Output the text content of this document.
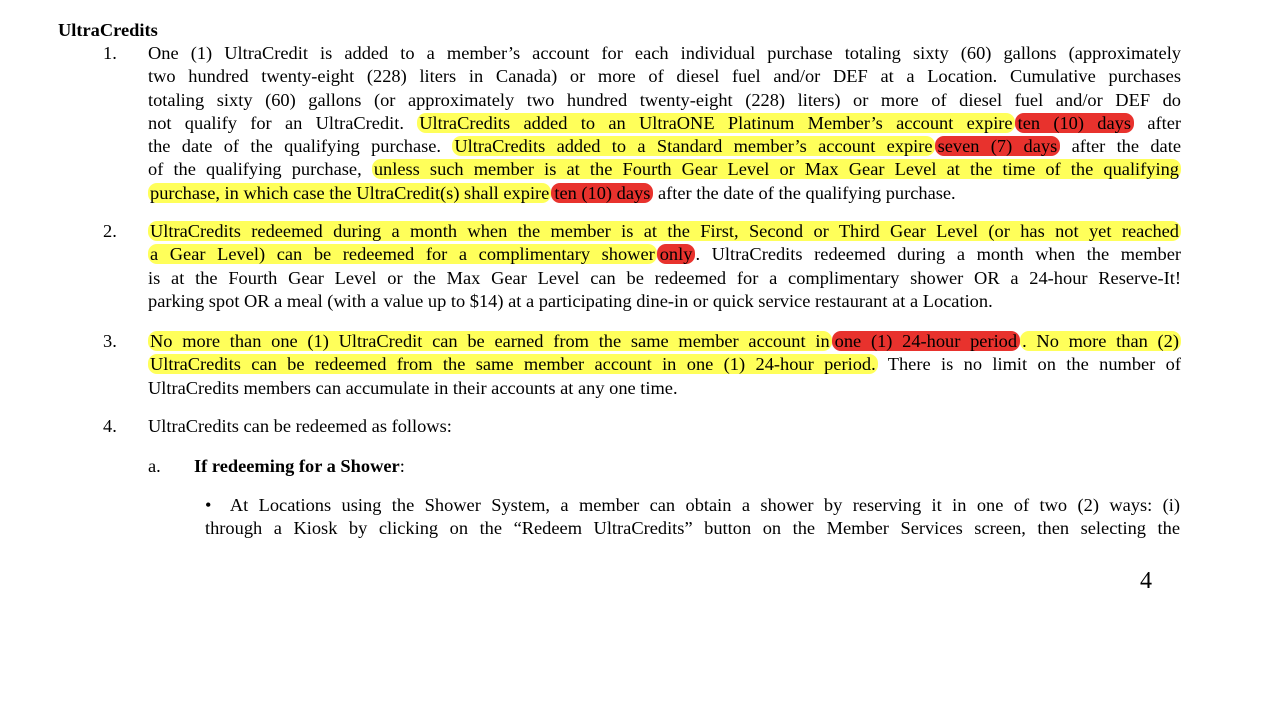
UltraCredits
1. One (1) UltraCredit is added to a member’s account for each individual purchase totaling sixty (60) gallons (approximately
two hundred twenty-eight (228) liters in Canada) or more of diesel fuel and/or DEF at a Location. Cumulative purchases
totaling sixty (60) gallons (or approximately two hundred twenty-eight (228) liters) or more of diesel fuel and/or DEF do
not qualify for an UltraCredit. UltraCredits added to an UltraONE Platinum Member’s account expire ten (10) days after
the date of the qualifying purchase. UltraCredits added to a Standard member’s account expire seven (7) days after the date
of the qualifying purchase, unless such member is at the Fourth Gear Level or Max Gear Level at the time of the qualifying
purchase, in which case the UltraCredit(s) shall expire ten (10) days after the date of the qualifying purchase.
2. UltraCredits redeemed during a month when the member is at the First, Second or Third Gear Level (or has not yet reached
a Gear Level) can be redeemed for a complimentary shower only . UltraCredits redeemed during a month when the member
is at the Fourth Gear Level or the Max Gear Level can be redeemed for a complimentary shower OR a 24-hour Reserve-It!
parking spot OR a meal (with a value up to $14) at a participating dine-in or quick service restaurant at a Location.
3. No more than one (1) UltraCredit can be earned from the same member account in one (1) 24-hour period . No more than (2)
UltraCredits can be redeemed from the same member account in one (1) 24-hour period. There is no limit on the number of
UltraCredits members can accumulate in their accounts at any one time.
4. UltraCredits can be redeemed as follows:
a. If redeeming for a Shower:
• At Locations using the Shower System, a member can obtain a shower by reserving it in one of two (2) ways: (i)
through a Kiosk by clicking on the “Redeem UltraCredits” button on the Member Services screen, then selecting the
4
